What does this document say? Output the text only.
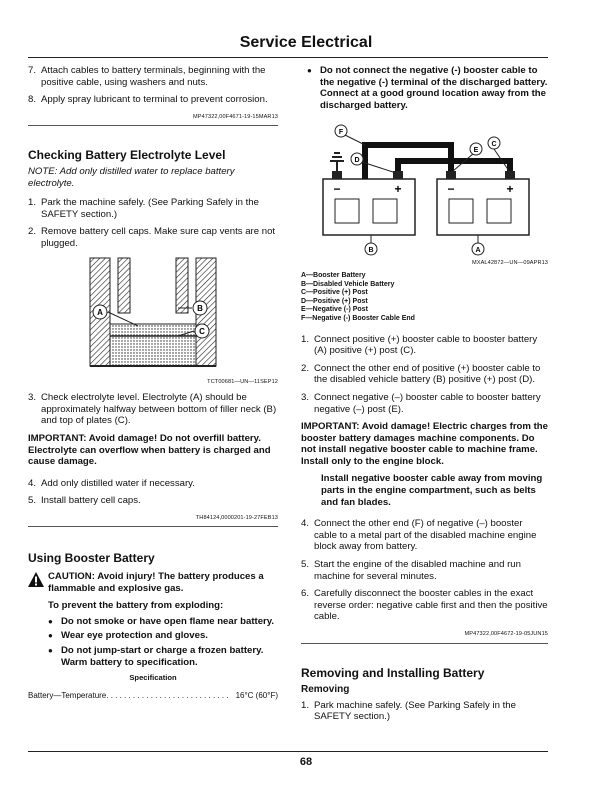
Service Electrical
7. Attach cables to battery terminals, beginning with the positive cable, using washers and nuts.
8. Apply spray lubricant to terminal to prevent corrosion.
MP47322,00F4671-19-15MAR13
Checking Battery Electrolyte Level

NOTE: Add only distilled water to replace battery electrolyte.

1. Park the machine safely. (See Parking Safely in the SAFETY section.)
2. Remove battery cell caps. Make sure cap vents are not plugged.
A	B
C
TCT00681—UN—11SEP12
3. Check electrolyte level. Electrolyte (A) should be approximately halfway between bottom of filler neck (B) and top of plates (C).

IMPORTANT: Avoid damage! Do not overfill battery. Electrolyte can overflow when battery is charged and cause damage.

4. Add only distilled water if necessary.
5. Install battery cell caps.
TH84124,0000201-19-27FEB13
Using Booster Battery

CAUTION: Avoid injury! The battery produces a flammable and explosive gas.

To prevent the battery from exploding:

● Do not smoke or have open flame near battery.
● Wear eye protection and gloves.
● Do not jump-start or charge a frozen battery. Warm battery to specification.
Specification
Battery—Temperature. . . . . . . . . . . . . . . . . . . . . . . . . . . . 16°C (60°F)
● Do not connect the negative (-) booster cable to the negative (-) terminal of the discharged battery. Connect at a good ground location away from the discharged battery.
−	+	−	+
F
D
E
C
B	A
MXAL42872—UN—09APR13
A—Booster Battery
B—Disabled Vehicle Battery
C—Positive (+) Post
D—Positive (+) Post
E—Negative (-) Post
F—Negative (-) Booster Cable End
1. Connect positive (+) booster cable to booster battery (A) positive (+) post (C).
2. Connect the other end of positive (+) booster cable to the disabled vehicle battery (B) positive (+) post (D).
3. Connect negative (–) booster cable to booster battery negative (–) post (E).

IMPORTANT: Avoid damage! Electric charges from the booster battery damages machine components. Do not install negative booster cable to machine frame. Install only to the engine block.

Install negative booster cable away from moving parts in the engine compartment, such as belts and fan blades.

4. Connect the other end (F) of negative (–) booster cable to a metal part of the disabled machine engine block away from battery.
5. Start the engine of the disabled machine and run machine for several minutes.
6. Carefully disconnect the booster cables in the exact reverse order: negative cable first and then the positive cable.
MP47322,00F4672-19-05JUN15
Removing and Installing Battery
Removing
1. Park machine safely. (See Parking Safely in the SAFETY section.)
68
